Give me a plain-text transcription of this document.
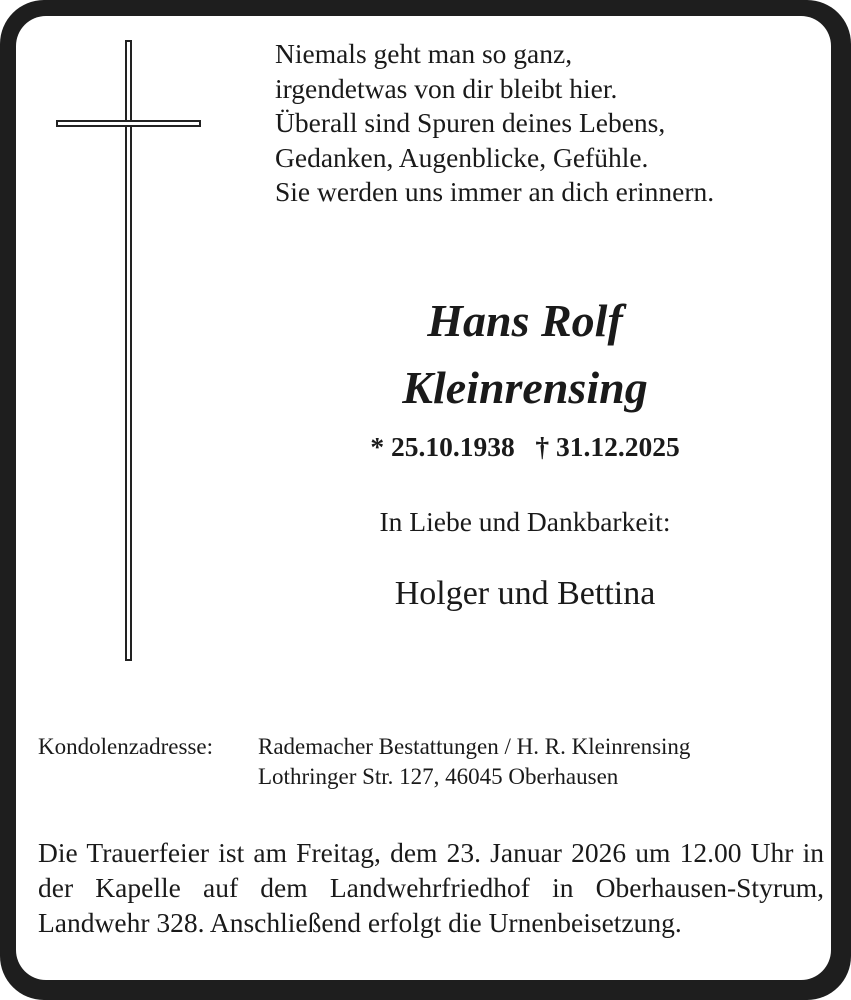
Niemals geht man so ganz,
irgendetwas von dir bleibt hier.
Überall sind Spuren deines Lebens,
Gedanken, Augenblicke, Gefühle.
Sie werden uns immer an dich erinnern.
Hans Rolf
Kleinrensing
* 25.10.1938   † 31.12.2025
In Liebe und Dankbarkeit:
Holger und Bettina
Kondolenzadresse: Rademacher Bestattungen / H. R. Kleinrensing
Lothringer Str. 127, 46045 Oberhausen
Die Trauerfeier ist am Freitag, dem 23. Januar 2026 um 12.00 Uhr in der Kapelle auf dem Landwehrfriedhof in Oberhausen-Styrum, Landwehr 328. Anschließend erfolgt die Urnenbeisetzung.
